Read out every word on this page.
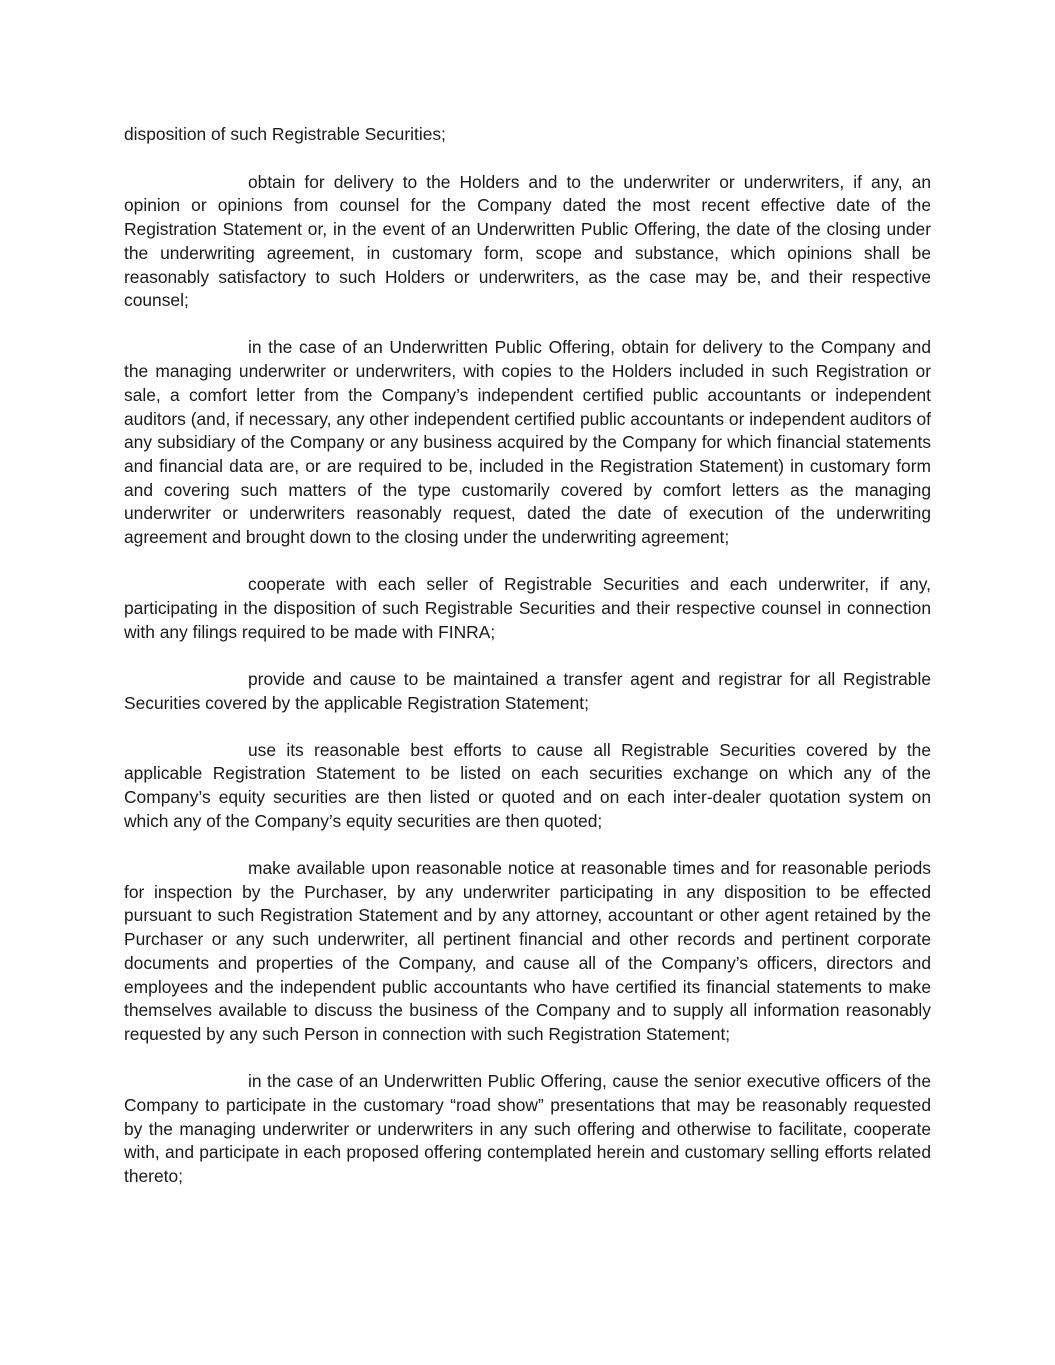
disposition of such Registrable Securities;

obtain for delivery to the Holders and to the underwriter or underwriters, if any, an opinion or opinions from counsel for the Company dated the most recent effective date of the Registration Statement or, in the event of an Underwritten Public Offering, the date of the closing under the underwriting agreement, in customary form, scope and substance, which opinions shall be reasonably satisfactory to such Holders or underwriters, as the case may be, and their respective counsel;

in the case of an Underwritten Public Offering, obtain for delivery to the Company and the managing underwriter or underwriters, with copies to the Holders included in such Registration or sale, a comfort letter from the Company’s independent certified public accountants or independent auditors (and, if necessary, any other independent certified public accountants or independent auditors of any subsidiary of the Company or any business acquired by the Company for which financial statements and financial data are, or are required to be, included in the Registration Statement) in customary form and covering such matters of the type customarily covered by comfort letters as the managing underwriter or underwriters reasonably request, dated the date of execution of the underwriting agreement and brought down to the closing under the underwriting agreement;

cooperate with each seller of Registrable Securities and each underwriter, if any, participating in the disposition of such Registrable Securities and their respective counsel in connection with any filings required to be made with FINRA;

provide and cause to be maintained a transfer agent and registrar for all Registrable Securities covered by the applicable Registration Statement;

use its reasonable best efforts to cause all Registrable Securities covered by the applicable Registration Statement to be listed on each securities exchange on which any of the Company’s equity securities are then listed or quoted and on each inter-dealer quotation system on which any of the Company’s equity securities are then quoted;

make available upon reasonable notice at reasonable times and for reasonable periods for inspection by the Purchaser, by any underwriter participating in any disposition to be effected pursuant to such Registration Statement and by any attorney, accountant or other agent retained by the Purchaser or any such underwriter, all pertinent financial and other records and pertinent corporate documents and properties of the Company, and cause all of the Company’s officers, directors and employees and the independent public accountants who have certified its financial statements to make themselves available to discuss the business of the Company and to supply all information reasonably requested by any such Person in connection with such Registration Statement;

in the case of an Underwritten Public Offering, cause the senior executive officers of the Company to participate in the customary “road show” presentations that may be reasonably requested by the managing underwriter or underwriters in any such offering and otherwise to facilitate, cooperate with, and participate in each proposed offering contemplated herein and customary selling efforts related thereto;
